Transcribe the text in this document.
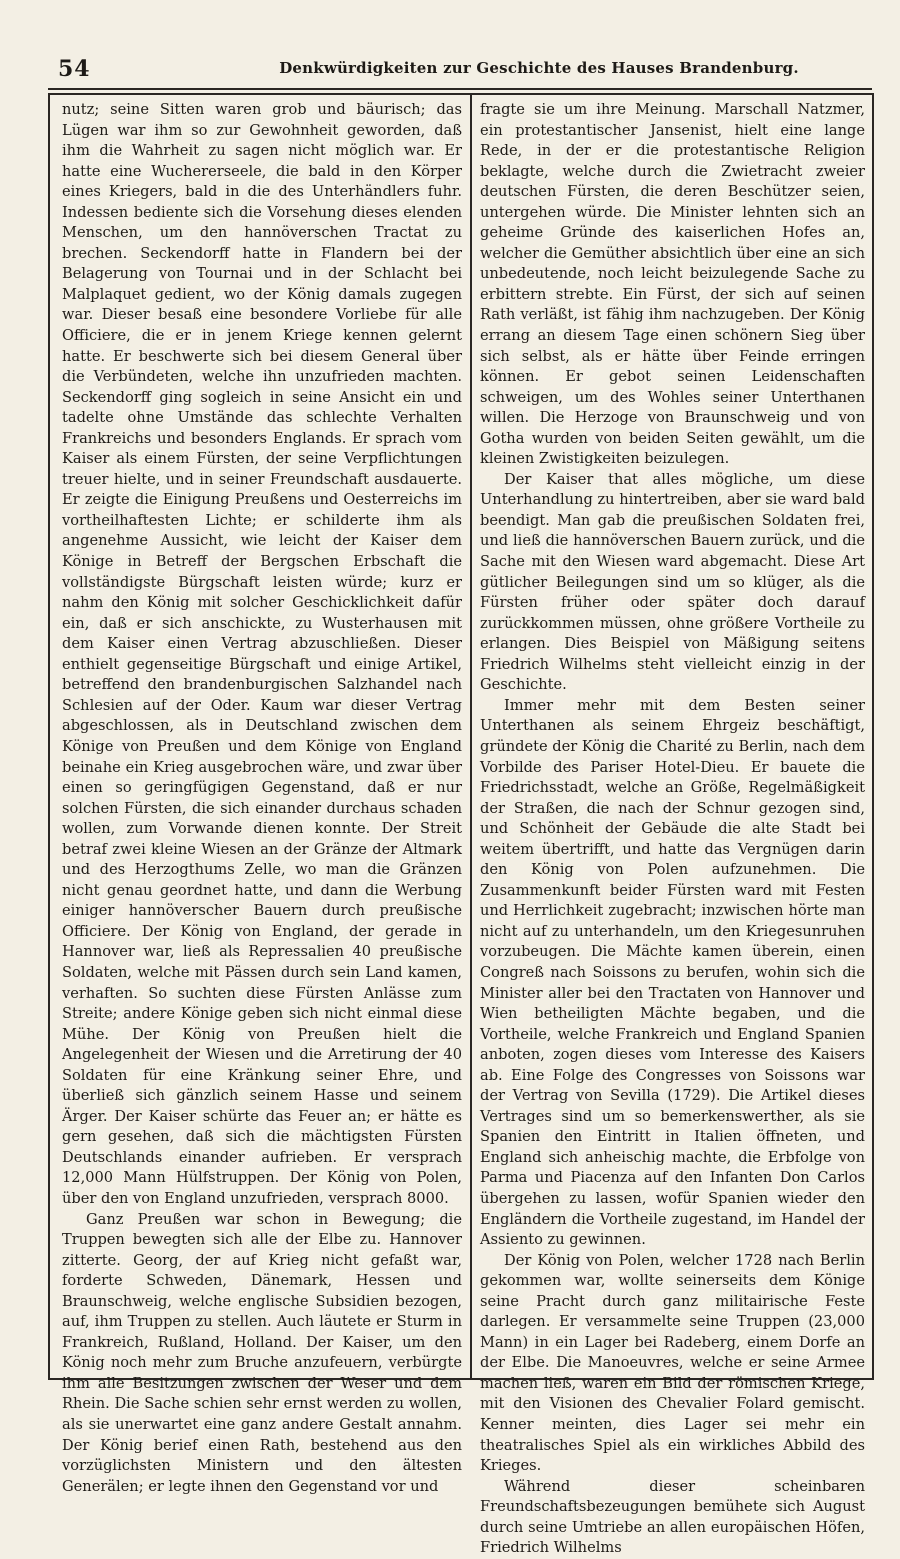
54	Denkwürdigkeiten zur Geschichte des Hauses Brandenburg.

nutz; seine Sitten waren grob und bäurisch; das Lügen war ihm so zur Gewohnheit geworden, daß ihm die Wahrheit zu sagen nicht möglich war. Er hatte eine Wuchererseele, die bald in den Körper eines Kriegers, bald in die des Unterhändlers fuhr. Indessen bediente sich die Vorsehung dieses elenden Menschen, um den hannöverschen Tractat zu brechen. Seckendorff hatte in Flandern bei der Belagerung von Tournai und in der Schlacht bei Malplaquet gedient, wo der König damals zugegen war. Dieser besaß eine besondere Vorliebe für alle Officiere, die er in jenem Kriege kennen gelernt hatte. Er beschwerte sich bei diesem General über die Verbündeten, welche ihn unzufrieden machten. Seckendorff ging sogleich in seine Ansicht ein und tadelte ohne Umstände das schlechte Verhalten Frankreichs und besonders Englands. Er sprach vom Kaiser als einem Fürsten, der seine Verpflichtungen treuer hielte, und in seiner Freundschaft ausdauerte. Er zeigte die Einigung Preußens und Oesterreichs im vortheilhaftesten Lichte; er schilderte ihm als angenehme Aussicht, wie leicht der Kaiser dem Könige in Betreff der Bergschen Erbschaft die vollständigste Bürgschaft leisten würde; kurz er nahm den König mit solcher Geschicklichkeit dafür ein, daß er sich anschickte, zu Wusterhausen mit dem Kaiser einen Vertrag abzuschließen. Dieser enthielt gegenseitige Bürgschaft und einige Artikel, betreffend den brandenburgischen Salzhandel nach Schlesien auf der Oder. Kaum war dieser Vertrag abgeschlossen, als in Deutschland zwischen dem Könige von Preußen und dem Könige von England beinahe ein Krieg ausgebrochen wäre, und zwar über einen so geringfügigen Gegenstand, daß er nur solchen Fürsten, die sich einander durchaus schaden wollen, zum Vorwande dienen konnte. Der Streit betraf zwei kleine Wiesen an der Gränze der Altmark und des Herzogthums Zelle, wo man die Gränzen nicht genau geordnet hatte, und dann die Werbung einiger hannöverscher Bauern durch preußische Officiere. Der König von England, der gerade in Hannover war, ließ als Repressalien 40 preußische Soldaten, welche mit Pässen durch sein Land kamen, verhaften. So suchten diese Fürsten Anlässe zum Streite; andere Könige geben sich nicht einmal diese Mühe. Der König von Preußen hielt die Angelegenheit der Wiesen und die Arretirung der 40 Soldaten für eine Kränkung seiner Ehre, und überließ sich gänzlich seinem Hasse und seinem Ärger. Der Kaiser schürte das Feuer an; er hätte es gern gesehen, daß sich die mächtigsten Fürsten Deutschlands einander aufrieben. Er versprach 12,000 Mann Hülfstruppen. Der König von Polen, über den von England unzufrieden, versprach 8000.

Ganz Preußen war schon in Bewegung; die Truppen bewegten sich alle der Elbe zu. Hannover zitterte. Georg, der auf Krieg nicht gefaßt war, forderte Schweden, Dänemark, Hessen und Braunschweig, welche englische Subsidien bezogen, auf, ihm Truppen zu stellen. Auch läutete er Sturm in Frankreich, Rußland, Holland. Der Kaiser, um den König noch mehr zum Bruche anzufeuern, verbürgte ihm alle Besitzungen zwischen der Weser und dem Rhein. Die Sache schien sehr ernst werden zu wollen, als sie unerwartet eine ganz andere Gestalt annahm. Der König berief einen Rath, bestehend aus den vorzüglichsten Ministern und den ältesten Generälen; er legte ihnen den Gegenstand vor und

fragte sie um ihre Meinung. Marschall Natzmer, ein protestantischer Jansenist, hielt eine lange Rede, in der er die protestantische Religion beklagte, welche durch die Zwietracht zweier deutschen Fürsten, die deren Beschützer seien, untergehen würde. Die Minister lehnten sich an geheime Gründe des kaiserlichen Hofes an, welcher die Gemüther absichtlich über eine an sich unbedeutende, noch leicht beizulegende Sache zu erbittern strebte. Ein Fürst, der sich auf seinen Rath verläßt, ist fähig ihm nachzugeben. Der König errang an diesem Tage einen schönern Sieg über sich selbst, als er hätte über Feinde erringen können. Er gebot seinen Leidenschaften schweigen, um des Wohles seiner Unterthanen willen. Die Herzoge von Braunschweig und von Gotha wurden von beiden Seiten gewählt, um die kleinen Zwistigkeiten beizulegen.

Der Kaiser that alles mögliche, um diese Unterhandlung zu hintertreiben, aber sie ward bald beendigt. Man gab die preußischen Soldaten frei, und ließ die hannöverschen Bauern zurück, und die Sache mit den Wiesen ward abgemacht. Diese Art gütlicher Beilegungen sind um so klüger, als die Fürsten früher oder später doch darauf zurückkommen müssen, ohne größere Vortheile zu erlangen. Dies Beispiel von Mäßigung seitens Friedrich Wilhelms steht vielleicht einzig in der Geschichte.

Immer mehr mit dem Besten seiner Unterthanen als seinem Ehrgeiz beschäftigt, gründete der König die Charité zu Berlin, nach dem Vorbilde des Pariser Hotel-Dieu. Er bauete die Friedrichsstadt, welche an Größe, Regelmäßigkeit der Straßen, die nach der Schnur gezogen sind, und Schönheit der Gebäude die alte Stadt bei weitem übertrifft, und hatte das Vergnügen darin den König von Polen aufzunehmen. Die Zusammenkunft beider Fürsten ward mit Festen und Herrlichkeit zugebracht; inzwischen hörte man nicht auf zu unterhandeln, um den Kriegesunruhen vorzubeugen. Die Mächte kamen überein, einen Congreß nach Soissons zu berufen, wohin sich die Minister aller bei den Tractaten von Hannover und Wien betheiligten Mächte begaben, und die Vortheile, welche Frankreich und England Spanien anboten, zogen dieses vom Interesse des Kaisers ab. Eine Folge des Congresses von Soissons war der Vertrag von Sevilla (1729). Die Artikel dieses Vertrages sind um so bemerkenswerther, als sie Spanien den Eintritt in Italien öffneten, und England sich anheischig machte, die Erbfolge von Parma und Piacenza auf den Infanten Don Carlos übergehen zu lassen, wofür Spanien wieder den Engländern die Vortheile zugestand, im Handel der Assiento zu gewinnen.

Der König von Polen, welcher 1728 nach Berlin gekommen war, wollte seinerseits dem Könige seine Pracht durch ganz militairische Feste darlegen. Er versammelte seine Truppen (23,000 Mann) in ein Lager bei Radeberg, einem Dorfe an der Elbe. Die Manoeuvres, welche er seine Armee machen ließ, waren ein Bild der römischen Kriege, mit den Visionen des Chevalier Folard gemischt. Kenner meinten, dies Lager sei mehr ein theatralisches Spiel als ein wirkliches Abbild des Krieges.

Während dieser scheinbaren Freundschaftsbezeugungen bemühete sich August durch seine Umtriebe an allen europäischen Höfen, Friedrich Wilhelms
